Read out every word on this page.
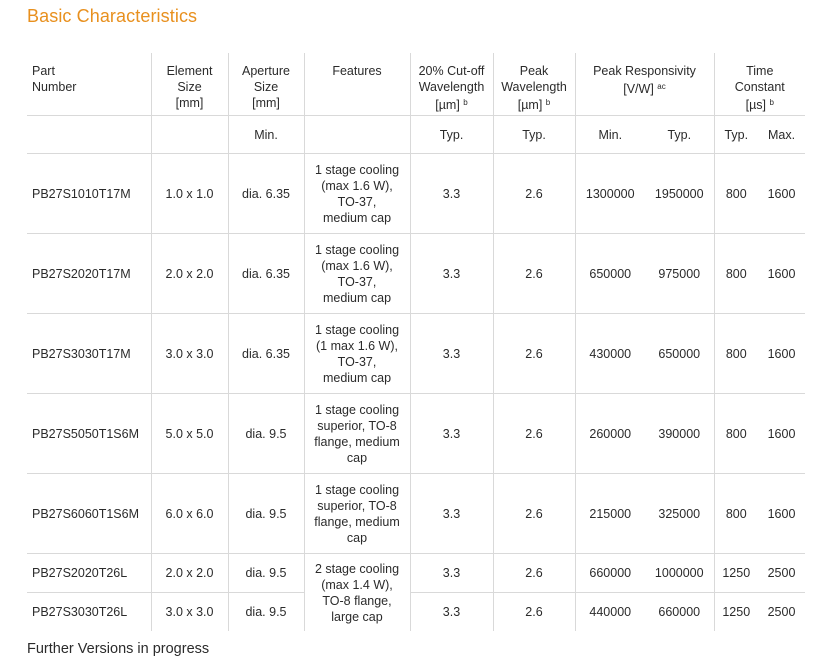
Basic Characteristics
Part
Number	Element
Size
[mm]	Aperture
Size
[mm]	Features	20% Cut-off
Wavelength
[µm] $^b$	Peak
Wavelength
[µm] $^b$	Peak Responsivity
[V/W] $^{ac}$		Time
Constant
[µs] $^b$
		Min.		Typ.	Typ.	Min.	Typ.	Typ.	Max.
PB27S1010T17M	1.0 x 1.0	dia. 6.35	1 stage cooling
(max 1.6 W),
TO-37,
medium cap	3.3	2.6	1300000	1950000	800	1600
PB27S2020T17M	2.0 x 2.0	dia. 6.35	1 stage cooling
(max 1.6 W),
TO-37,
medium cap	3.3	2.6	650000	975000	800	1600
PB27S3030T17M	3.0 x 3.0	dia. 6.35	1 stage cooling
(1 max 1.6 W),
TO-37,
medium cap	3.3	2.6	430000	650000	800	1600
PB27S5050T1S6M	5.0 x 5.0	dia. 9.5	1 stage cooling
superior, TO-8
flange, medium
cap	3.3	2.6	260000	390000	800	1600
PB27S6060T1S6M	6.0 x 6.0	dia. 9.5	1 stage cooling
superior, TO-8
flange, medium
cap	3.3	2.6	215000	325000	800	1600
PB27S2020T26L	2.0 x 2.0	dia. 9.5	2 stage cooling
(max 1.4 W),
TO-8 flange,
large cap	3.3	2.6	660000	1000000	1250	2500
PB27S3030T26L	3.0 x 3.0	dia. 9.5		3.3	2.6	440000	660000	1250	2500
Further Versions in progress
